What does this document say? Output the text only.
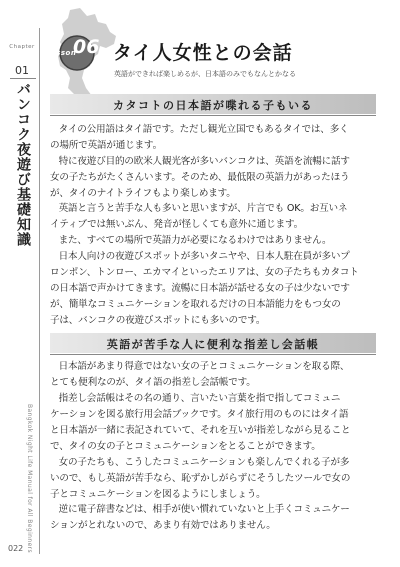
Chapter
01
バンコク夜遊び基礎知識
Bangkok Night Life Manual for All Beginners
022
Lesson
06 タイ人女性との会話
英語ができれば楽しめるが、日本語のみでもなんとかなる
カタコトの日本語が喋れる子もいる
タイの公用語はタイ語です。ただし観光立国でもあるタイでは、多く
の場所で英語が通じます。
特に夜遊び目的の欧米人観光客が多いバンコクは、英語を流暢に話す
女の子たちがたくさんいます。そのため、最低限の英語力があったほう
が、タイのナイトライフもより楽しめます。
英語と言うと苦手な人も多いと思いますが、片言でも OK。お互いネ
イティブでは無いぶん、発音が怪しくても意外に通じます。
また、すべての場所で英語力が必要になるわけではありません。
日本人向けの夜遊びスポットが多いタニヤや、日本人駐在員が多いプ
ロンポン、トンロー、エカマイといったエリアは、女の子たちもカタコト
の日本語で声かけてきます。流暢に日本語が話せる女の子は少ないです
が、簡単なコミュニケーションを取れるだけの日本語能力をもつ女の
子は、バンコクの夜遊びスポットにも多いのです。
英語が苦手な人に便利な指差し会話帳
日本語があまり得意ではない女の子とコミュニケーションを取る際、
とても便利なのが、タイ語の指差し会話帳です。
指差し会話帳はその名の通り、言いたい言葉を指で指してコミュニ
ケーションを図る旅行用会話ブックです。タイ旅行用のものにはタイ語
と日本語が一緒に表記されていて、それを互いが指差しながら見ること
で、タイの女の子とコミュニケーションをとることができます。
女の子たちも、こうしたコミュニケーションも楽しんでくれる子が多
いので、もし英語が苦手なら、恥ずかしがらずにそうしたツールで女の
子とコミュニケーションを図るようにしましょう。
逆に電子辞書などは、相手が使い慣れていないと上手くコミュニケー
ションがとれないので、あまり有効ではありません。
